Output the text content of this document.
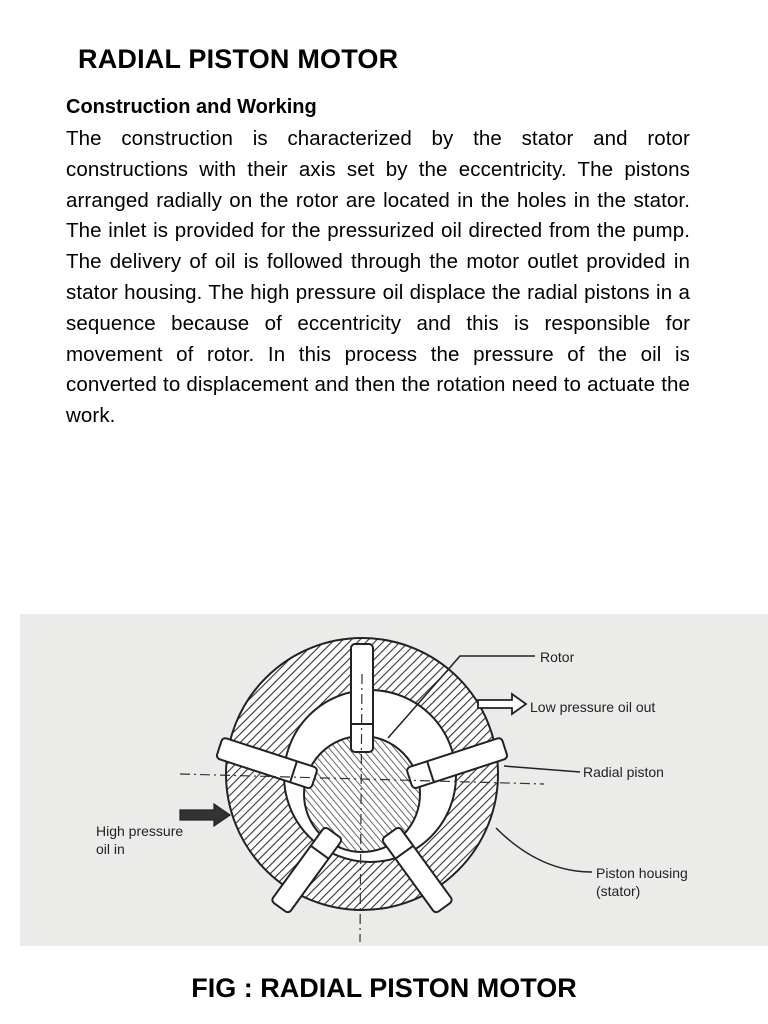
RADIAL PISTON MOTOR
Construction and Working
The construction is characterized by the stator and rotor constructions with their axis set by the eccentricity. The pistons arranged radially on the rotor are located in the holes in the stator. The inlet is provided for the pressurized oil directed from the pump. The delivery of oil is followed through the motor outlet provided in stator housing. The high pressure oil displace the radial pistons in a sequence because of eccentricity and this is responsible for movement of rotor. In this process the pressure of the oil is converted to displacement and then the rotation need to actuate the work.
Rotor
Low pressure oil out
Radial piston
Piston housing
(stator)
High pressure
oil in
FIG : RADIAL PISTON MOTOR
